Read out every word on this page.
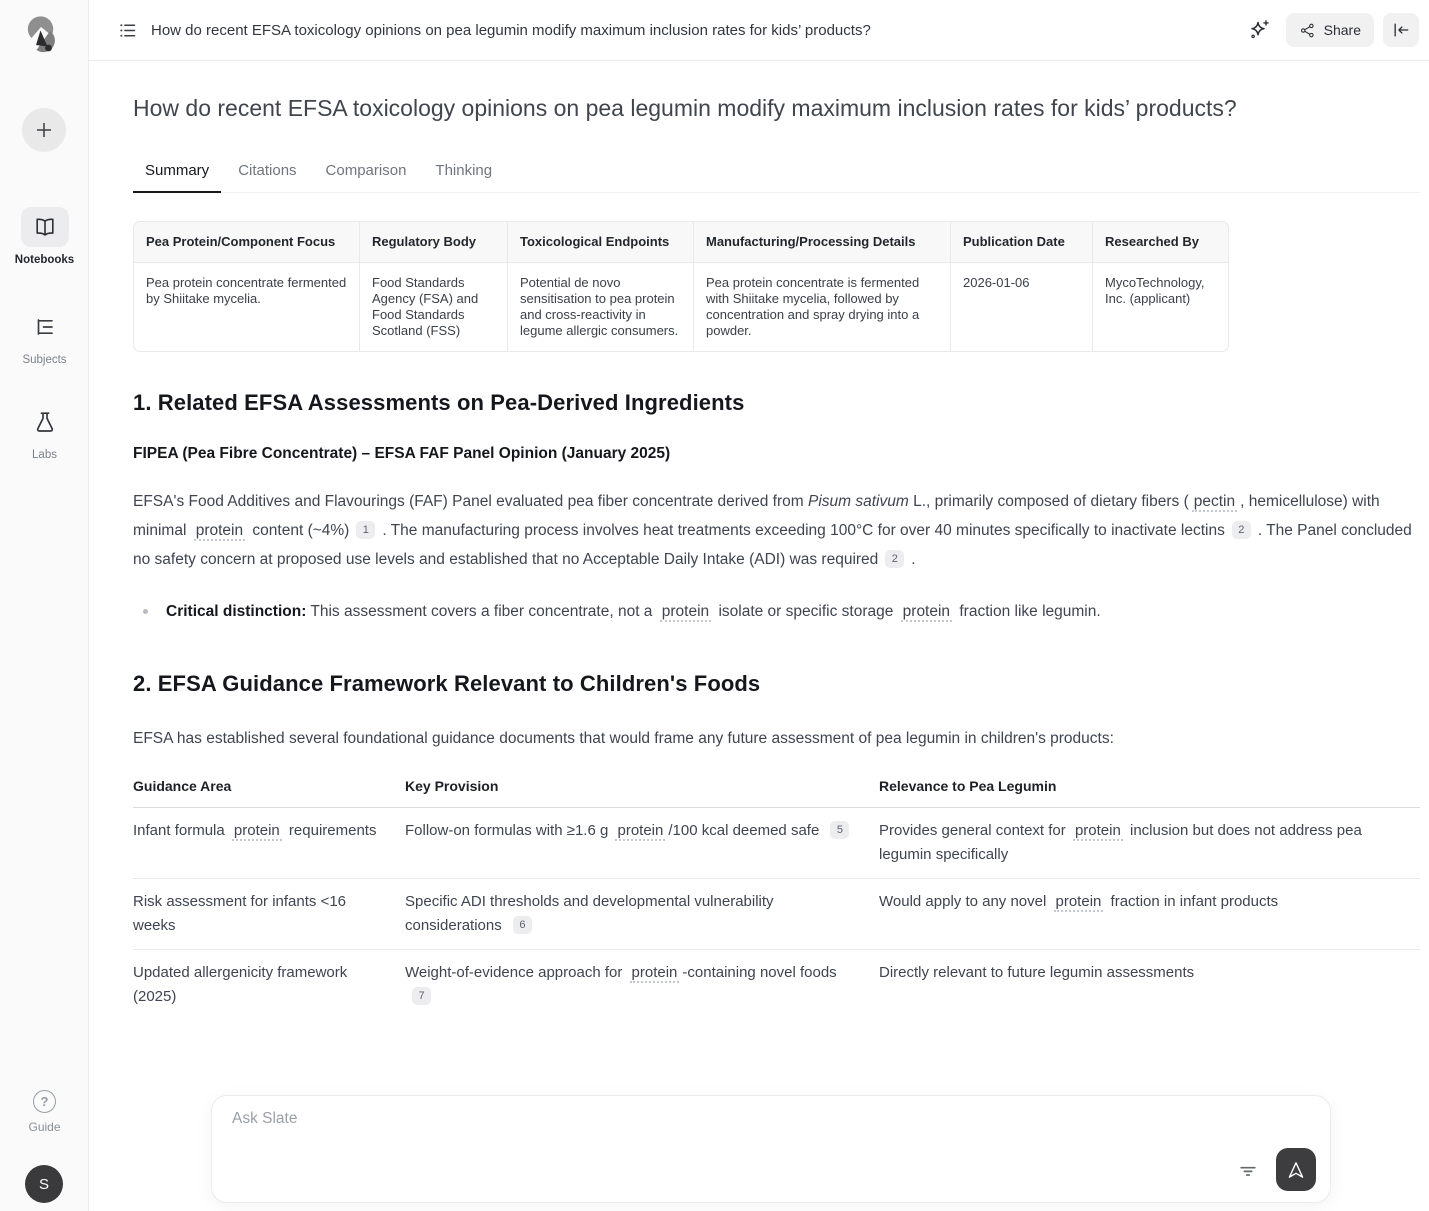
Notebooks
Subjects
Labs
?
Guide
S
How do recent EFSA toxicology opinions on pea legumin modify maximum inclusion rates for kids’ products?	Share
How do recent EFSA toxicology opinions on pea legumin modify maximum inclusion rates for kids’ products?
Summary	Citations	Comparison	Thinking
Pea Protein/Component Focus	Regulatory Body	Toxicological Endpoints	Manufacturing/Processing Details	Publication Date	Researched By
Pea protein concentrate fermented by Shiitake mycelia.	Food Standards Agency (FSA) and Food Standards Scotland (FSS)	Potential de novo sensitisation to pea protein and cross-reactivity in legume allergic consumers.	Pea protein concentrate is fermented with Shiitake mycelia, followed by concentration and spray drying into a powder.	2026-01-06	MycoTechnology, Inc. (applicant)
1. Related EFSA Assessments on Pea-Derived Ingredients
FIPEA (Pea Fibre Concentrate) – EFSA FAF Panel Opinion (January 2025)

EFSA's Food Additives and Flavourings (FAF) Panel evaluated pea fiber concentrate derived from Pisum sativum L., primarily composed of dietary fibers ( pectin , hemicellulose) with minimal protein content (~4%) 1 . The manufacturing process involves heat treatments exceeding 100°C for over 40 minutes specifically to inactivate lectins 2 . The Panel concluded no safety concern at proposed use levels and established that no Acceptable Daily Intake (ADI) was required 2 .

Critical distinction: This assessment covers a fiber concentrate, not a protein isolate or specific storage protein fraction like legumin.
2. EFSA Guidance Framework Relevant to Children's Foods

EFSA has established several foundational guidance documents that would frame any future assessment of pea legumin in children's products:

Guidance Area	Key Provision	Relevance to Pea Legumin
Infant formula protein requirements	Follow-on formulas with ≥1.6 g protein /100 kcal deemed safe 5	Provides general context for protein inclusion but does not address pea legumin specifically
Risk assessment for infants <16 weeks	Specific ADI thresholds and developmental vulnerability considerations 6	Would apply to any novel protein fraction in infant products
Updated allergenicity framework (2025)	Weight-of-evidence approach for protein -containing novel foods 7	Directly relevant to future legumin assessments
Ask Slate
